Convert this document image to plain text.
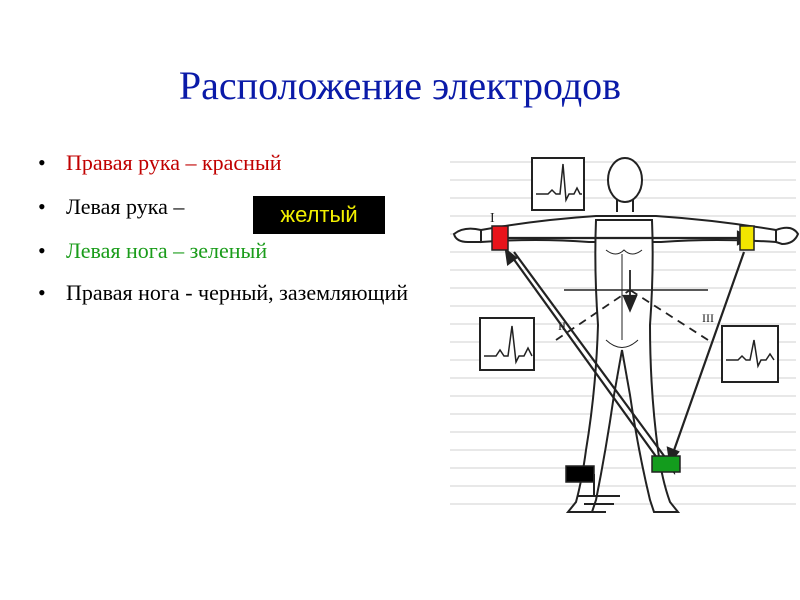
Расположение электродов
• Правая рука – красный
• Левая рука –
• Левая нога – зеленый
• Правая нога - черный, заземляющий
желтый	I
II
III
